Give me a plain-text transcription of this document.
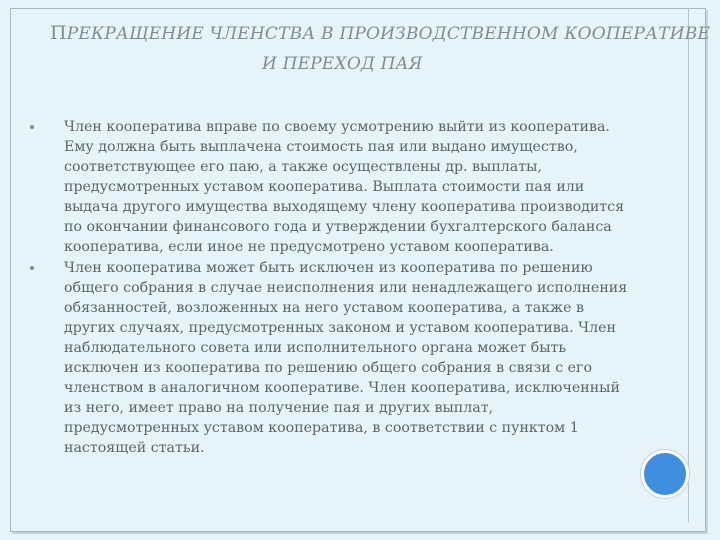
ПРЕКРАЩЕНИЕ ЧЛЕНСТВА В ПРОИЗВОДСТВЕННОМ КООПЕРАТИВЕ
И ПЕРЕХОД ПАЯ
Член кооператива вправе по своему усмотрению выйти из кооператива. Ему должна быть выплачена стоимость пая или выдано имущество, соответствующее его паю, а также осуществлены др. выплаты, предусмотренных уставом кооператива. Выплата стоимости пая или выдача другого имущества выходящему члену кооператива производится по окончании финансового года и утверждении бухгалтерского баланса кооператива, если иное не предусмотрено уставом кооператива.
Член кооператива может быть исключен из кооператива по решению общего собрания в случае неисполнения или ненадлежащего исполнения обязанностей, возложенных на него уставом кооператива, а также в других случаях, предусмотренных законом и уставом кооператива. Член наблюдательного совета или исполнительного органа может быть исключен из кооператива по решению общего собрания в связи с его членством в аналогичном кооперативе. Член кооператива, исключенный из него, имеет право на получение пая и других выплат, предусмотренных уставом кооператива, в соответствии с пунктом 1 настоящей статьи.
